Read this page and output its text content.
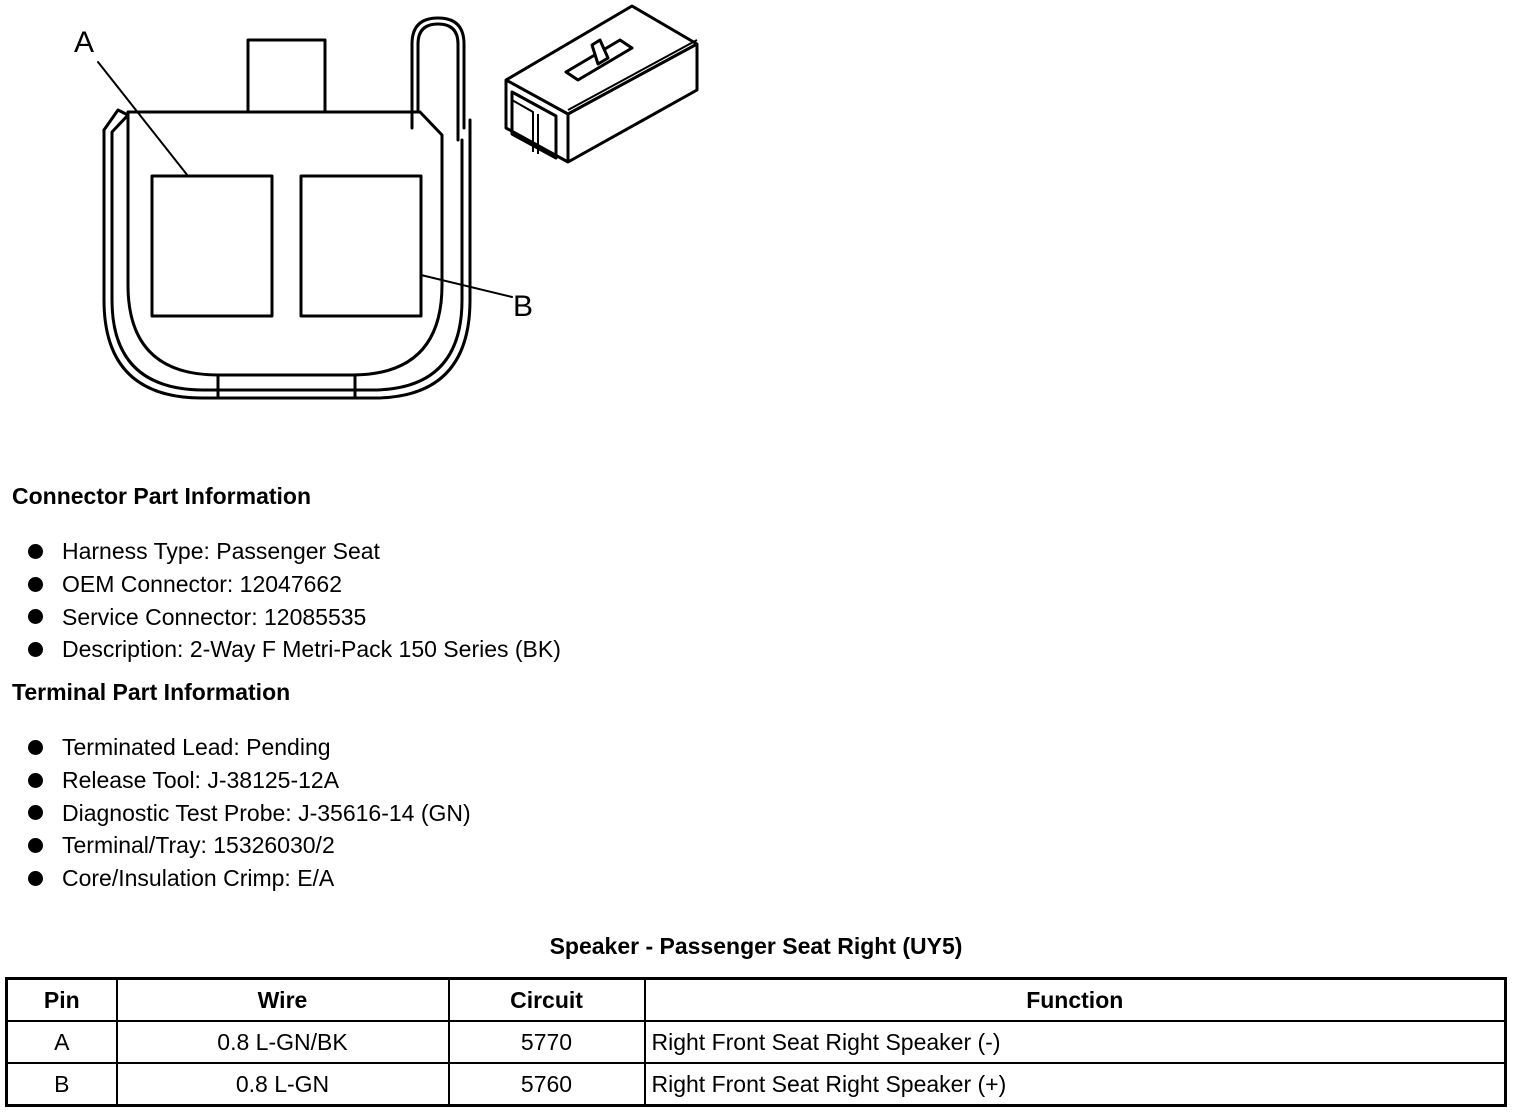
A
B
Connector Part Information
Harness Type: Passenger Seat
OEM Connector: 12047662
Service Connector: 12085535
Description: 2-Way F Metri-Pack 150 Series (BK)
Terminal Part Information
Terminated Lead: Pending
Release Tool: J-38125-12A
Diagnostic Test Probe: J-35616-14 (GN)
Terminal/Tray: 15326030/2
Core/Insulation Crimp: E/A
Speaker - Passenger Seat Right (UY5)
Pin	Wire	Circuit	Function
A	0.8 L-GN/BK	5770	Right Front Seat Right Speaker (-)
B	0.8 L-GN	5760	Right Front Seat Right Speaker (+)
